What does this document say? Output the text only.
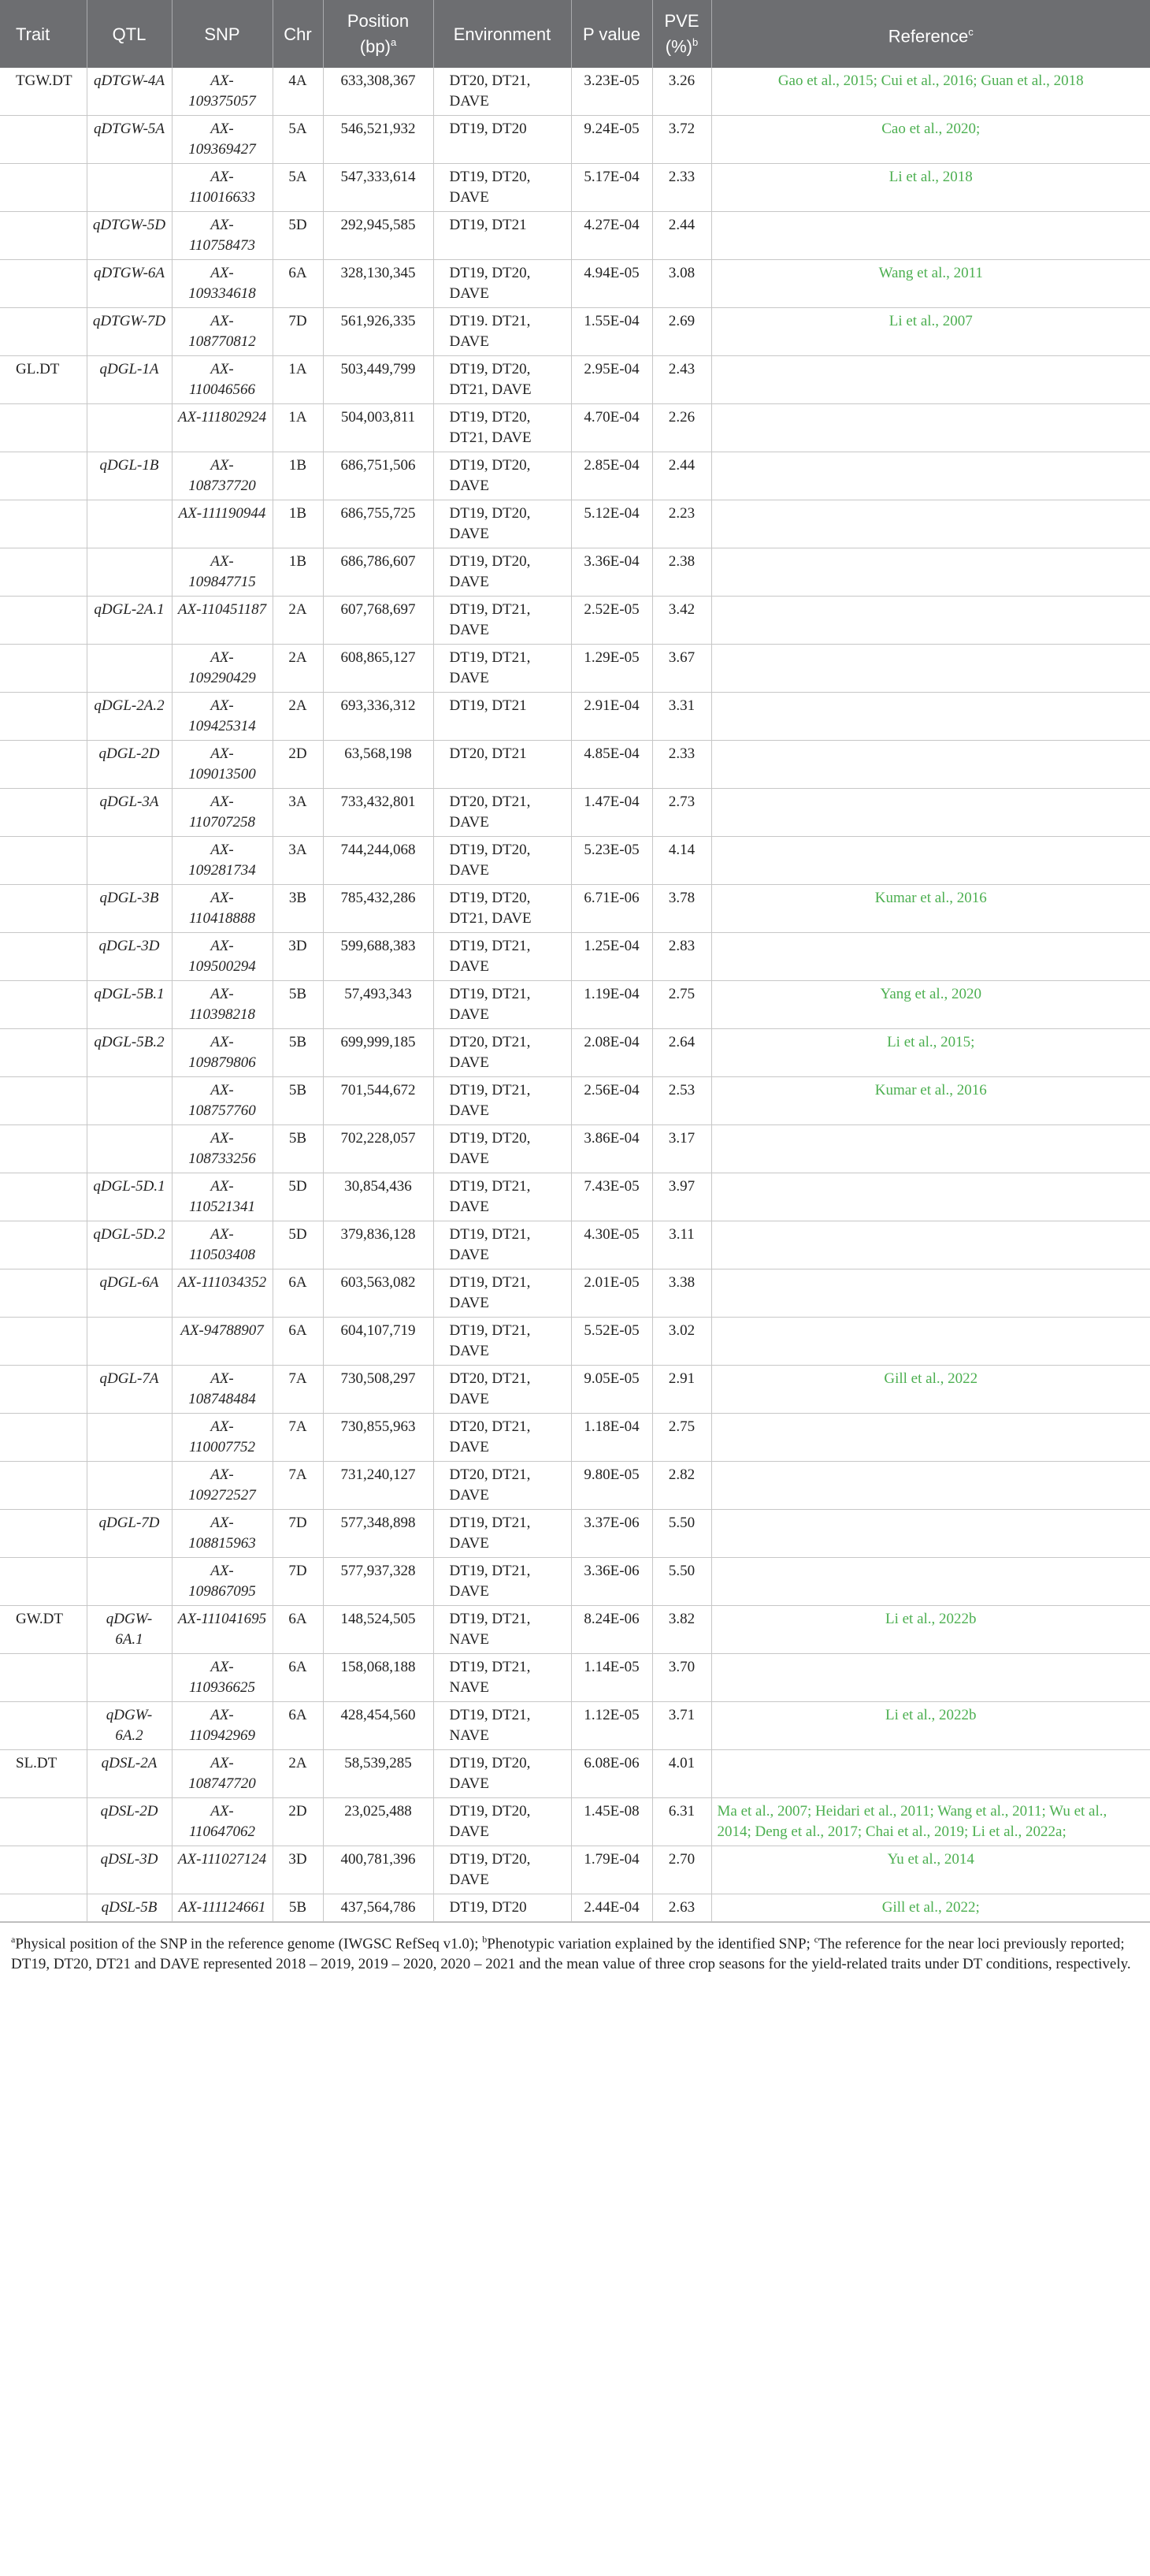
Trait	QTL	SNP	Chr	Position (bp)$^a$	Environment	P value	PVE (%)$^b$	Reference$^c$
TGW.DT	qDTGW-4A	AX-109375057	4A	633,308,367	DT20, DT21, DAVE	3.23E-05	3.26	Gao et al., 2015; Cui et al., 2016; Guan et al., 2018
	qDTGW-5A	AX-109369427	5A	546,521,932	DT19, DT20	9.24E-05	3.72	Cao et al., 2020;
		AX-110016633	5A	547,333,614	DT19, DT20, DAVE	5.17E-04	2.33	Li et al., 2018
	qDTGW-5D	AX-110758473	5D	292,945,585	DT19, DT21	4.27E-04	2.44	
	qDTGW-6A	AX-109334618	6A	328,130,345	DT19, DT20, DAVE	4.94E-05	3.08	Wang et al., 2011
	qDTGW-7D	AX-108770812	7D	561,926,335	DT19. DT21, DAVE	1.55E-04	2.69	Li et al., 2007
GL.DT	qDGL-1A	AX-110046566	1A	503,449,799	DT19, DT20, DT21, DAVE	2.95E-04	2.43	
		AX-111802924	1A	504,003,811	DT19, DT20, DT21, DAVE	4.70E-04	2.26	
	qDGL-1B	AX-108737720	1B	686,751,506	DT19, DT20, DAVE	2.85E-04	2.44	
		AX-111190944	1B	686,755,725	DT19, DT20, DAVE	5.12E-04	2.23	
		AX-109847715	1B	686,786,607	DT19, DT20, DAVE	3.36E-04	2.38	
	qDGL-2A.1	AX-110451187	2A	607,768,697	DT19, DT21, DAVE	2.52E-05	3.42	
		AX-109290429	2A	608,865,127	DT19, DT21, DAVE	1.29E-05	3.67	
	qDGL-2A.2	AX-109425314	2A	693,336,312	DT19, DT21	2.91E-04	3.31	
	qDGL-2D	AX-109013500	2D	63,568,198	DT20, DT21	4.85E-04	2.33	
	qDGL-3A	AX-110707258	3A	733,432,801	DT20, DT21, DAVE	1.47E-04	2.73	
		AX-109281734	3A	744,244,068	DT19, DT20, DAVE	5.23E-05	4.14	
	qDGL-3B	AX-110418888	3B	785,432,286	DT19, DT20, DT21, DAVE	6.71E-06	3.78	Kumar et al., 2016
	qDGL-3D	AX-109500294	3D	599,688,383	DT19, DT21, DAVE	1.25E-04	2.83	
	qDGL-5B.1	AX-110398218	5B	57,493,343	DT19, DT21, DAVE	1.19E-04	2.75	Yang et al., 2020
	qDGL-5B.2	AX-109879806	5B	699,999,185	DT20, DT21, DAVE	2.08E-04	2.64	Li et al., 2015;
		AX-108757760	5B	701,544,672	DT19, DT21, DAVE	2.56E-04	2.53	Kumar et al., 2016
		AX-108733256	5B	702,228,057	DT19, DT20, DAVE	3.86E-04	3.17	
	qDGL-5D.1	AX-110521341	5D	30,854,436	DT19, DT21, DAVE	7.43E-05	3.97	
	qDGL-5D.2	AX-110503408	5D	379,836,128	DT19, DT21, DAVE	4.30E-05	3.11	
	qDGL-6A	AX-111034352	6A	603,563,082	DT19, DT21, DAVE	2.01E-05	3.38	
		AX-94788907	6A	604,107,719	DT19, DT21, DAVE	5.52E-05	3.02	
	qDGL-7A	AX-108748484	7A	730,508,297	DT20, DT21, DAVE	9.05E-05	2.91	Gill et al., 2022
		AX-110007752	7A	730,855,963	DT20, DT21, DAVE	1.18E-04	2.75	
		AX-109272527	7A	731,240,127	DT20, DT21, DAVE	9.80E-05	2.82	
	qDGL-7D	AX-108815963	7D	577,348,898	DT19, DT21, DAVE	3.37E-06	5.50	
		AX-109867095	7D	577,937,328	DT19, DT21, DAVE	3.36E-06	5.50	
GW.DT	qDGW-6A.1	AX-111041695	6A	148,524,505	DT19, DT21, NAVE	8.24E-06	3.82	Li et al., 2022b
		AX-110936625	6A	158,068,188	DT19, DT21, NAVE	1.14E-05	3.70	
	qDGW-6A.2	AX-110942969	6A	428,454,560	DT19, DT21, NAVE	1.12E-05	3.71	Li et al., 2022b
SL.DT	qDSL-2A	AX-108747720	2A	58,539,285	DT19, DT20, DAVE	6.08E-06	4.01	
	qDSL-2D	AX-110647062	2D	23,025,488	DT19, DT20, DAVE	1.45E-08	6.31	Ma et al., 2007; Heidari et al., 2011; Wang et al., 2011; Wu et al., 2014; Deng et al., 2017; Chai et al., 2019; Li et al., 2022a;
	qDSL-3D	AX-111027124	3D	400,781,396	DT19, DT20, DAVE	1.79E-04	2.70	Yu et al., 2014
	qDSL-5B	AX-111124661	5B	437,564,786	DT19, DT20	2.44E-04	2.63	Gill et al., 2022;
$^a$Physical position of the SNP in the reference genome (IWGSC RefSeq v1.0); $^b$Phenotypic variation explained by the identified SNP; $^c$The reference for the near loci previously reported; DT19, DT20, DT21 and DAVE represented 2018 – 2019, 2019 – 2020, 2020 – 2021 and the mean value of three crop seasons for the yield-related traits under DT conditions, respectively.
